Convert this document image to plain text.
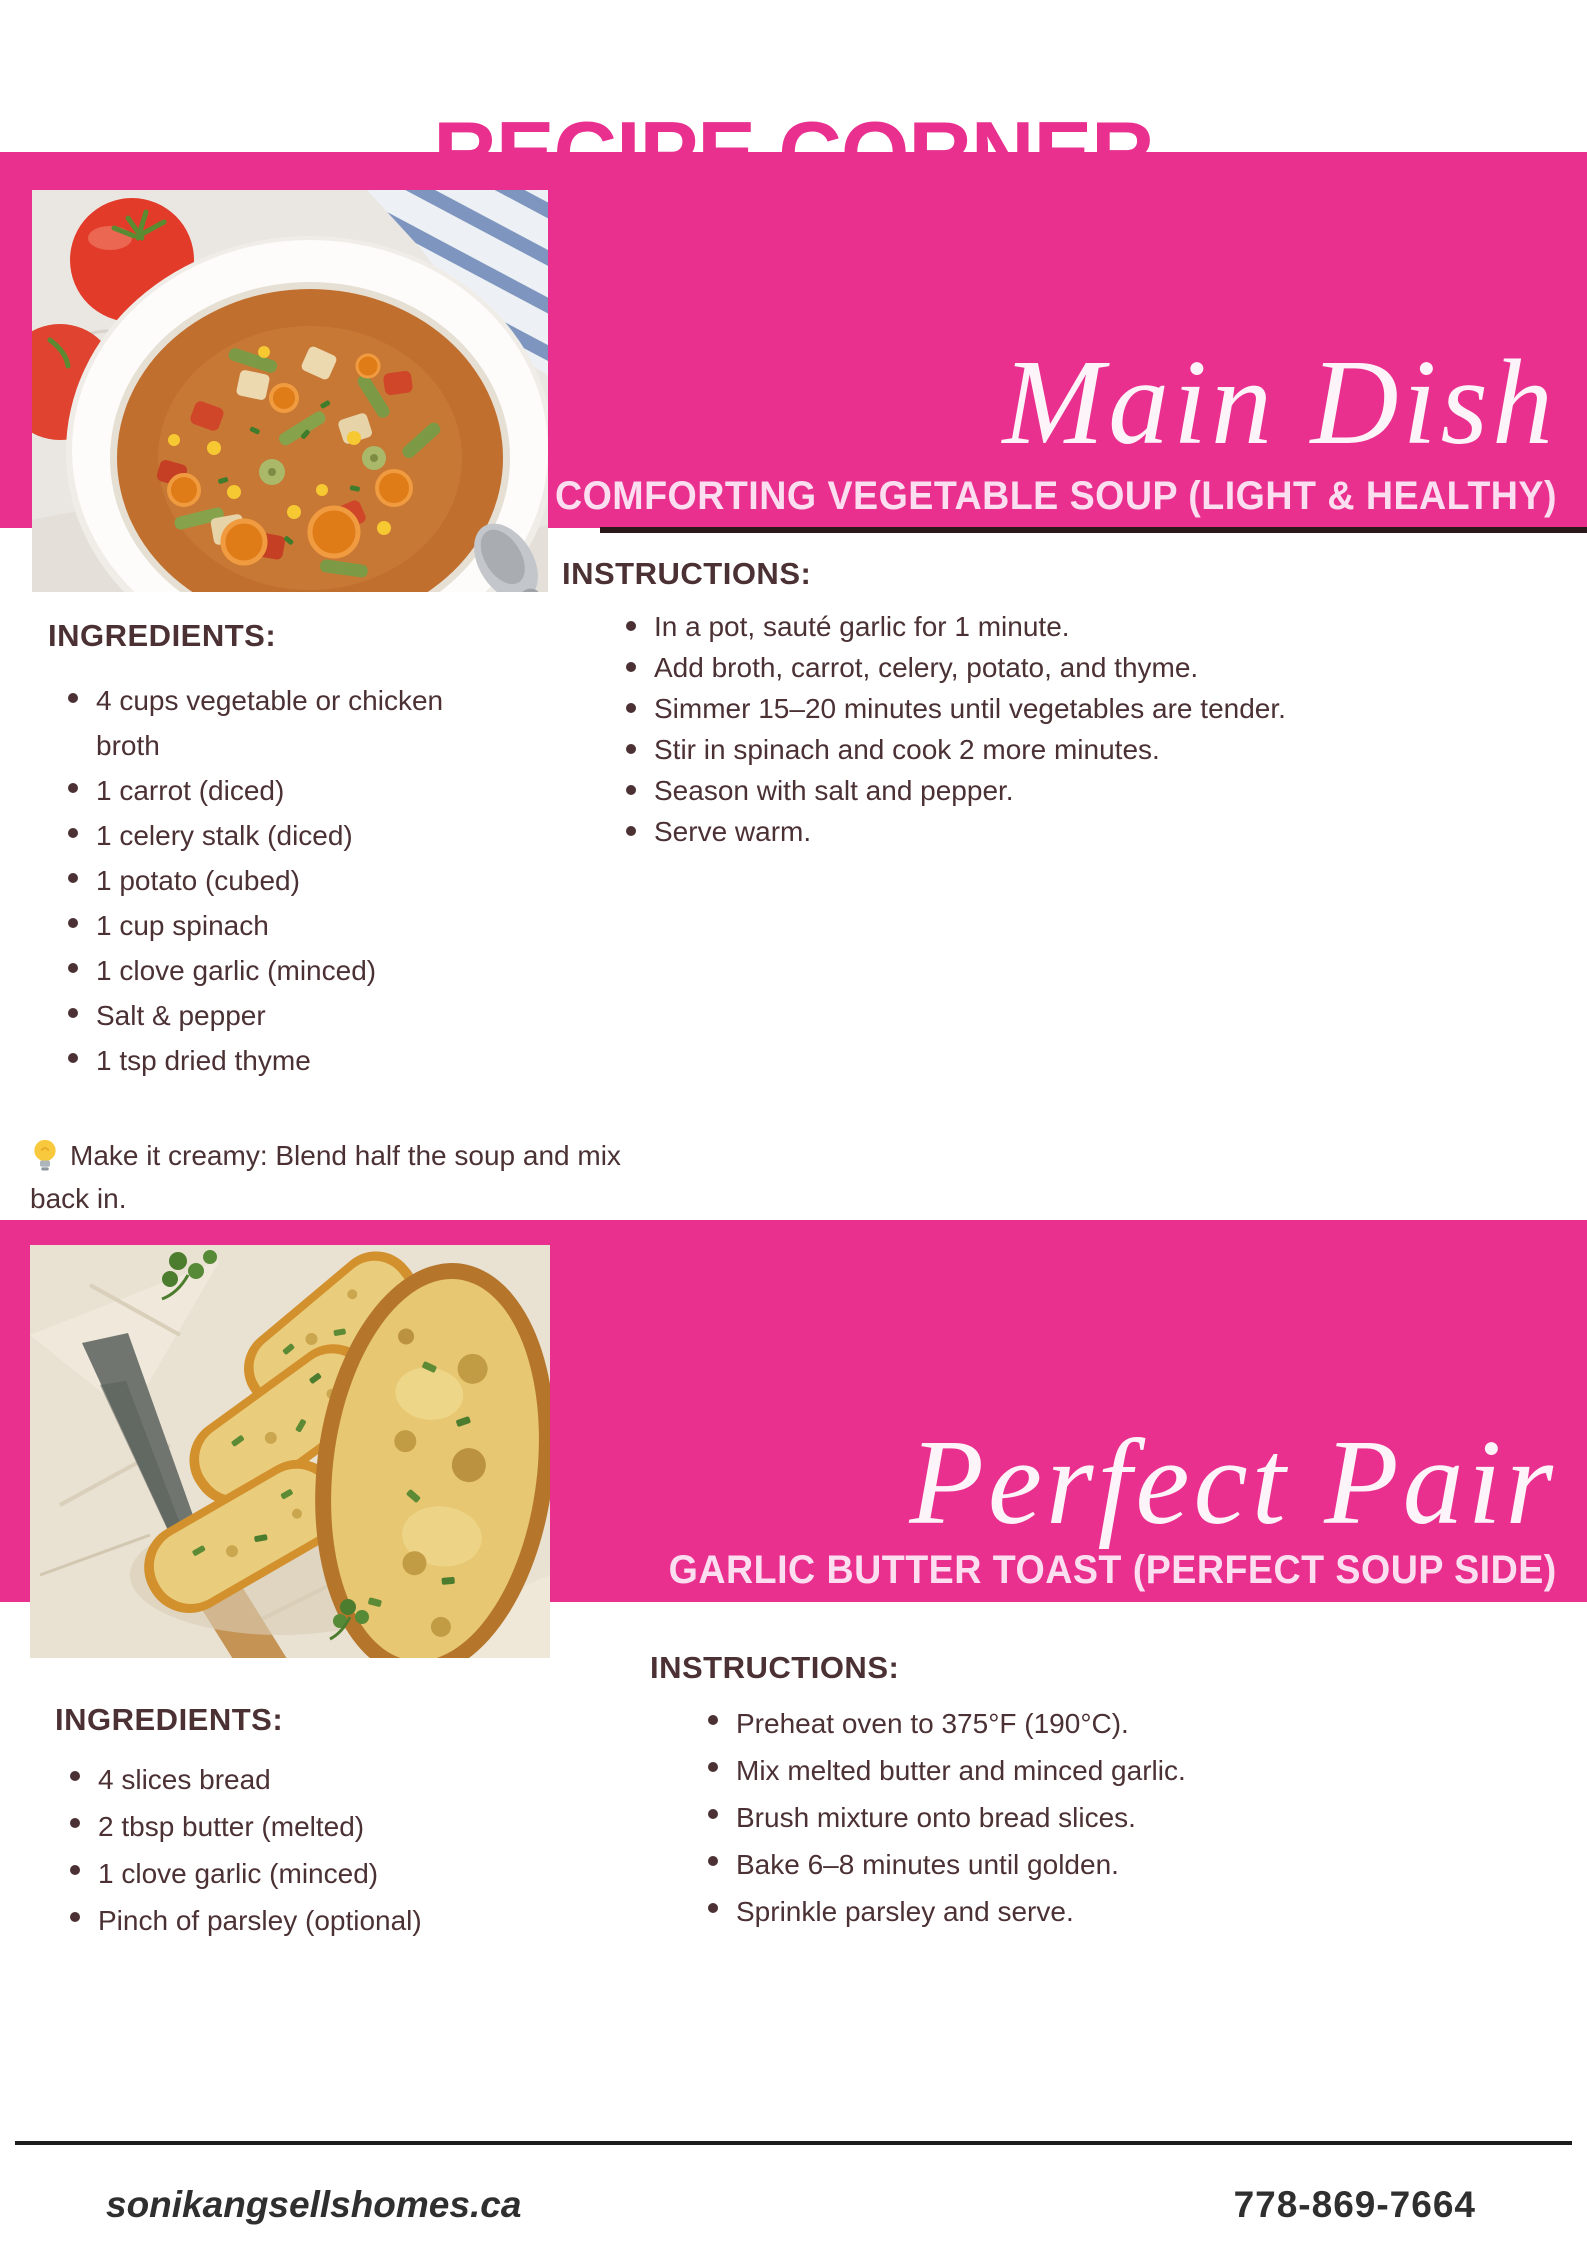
Main Dish
COMFORTING VEGETABLE SOUP (LIGHT & HEALTHY)
INGREDIENTS:
4 cups vegetable or chicken broth
1 carrot (diced)
1 celery stalk (diced)
1 potato (cubed)
1 cup spinach
1 clove garlic (minced)
Salt & pepper
1 tsp dried thyme
INSTRUCTIONS:
In a pot, sauté garlic for 1 minute.
Add broth, carrot, celery, potato, and thyme.
Simmer 15–20 minutes until vegetables are tender.
Stir in spinach and cook 2 more minutes.
Season with salt and pepper.
Serve warm.

Make it creamy: Blend half the soup and mix back in.

Perfect Pair
GARLIC BUTTER TOAST (PERFECT SOUP SIDE)
INGREDIENTS:
4 slices bread
2 tbsp butter (melted)
1 clove garlic (minced)
Pinch of parsley (optional)
INSTRUCTIONS:
Preheat oven to 375°F (190°C).
Mix melted butter and minced garlic.
Brush mixture onto bread slices.
Bake 6–8 minutes until golden.
Sprinkle parsley and serve.
sonikangsellshomes.ca	778-869-7664
